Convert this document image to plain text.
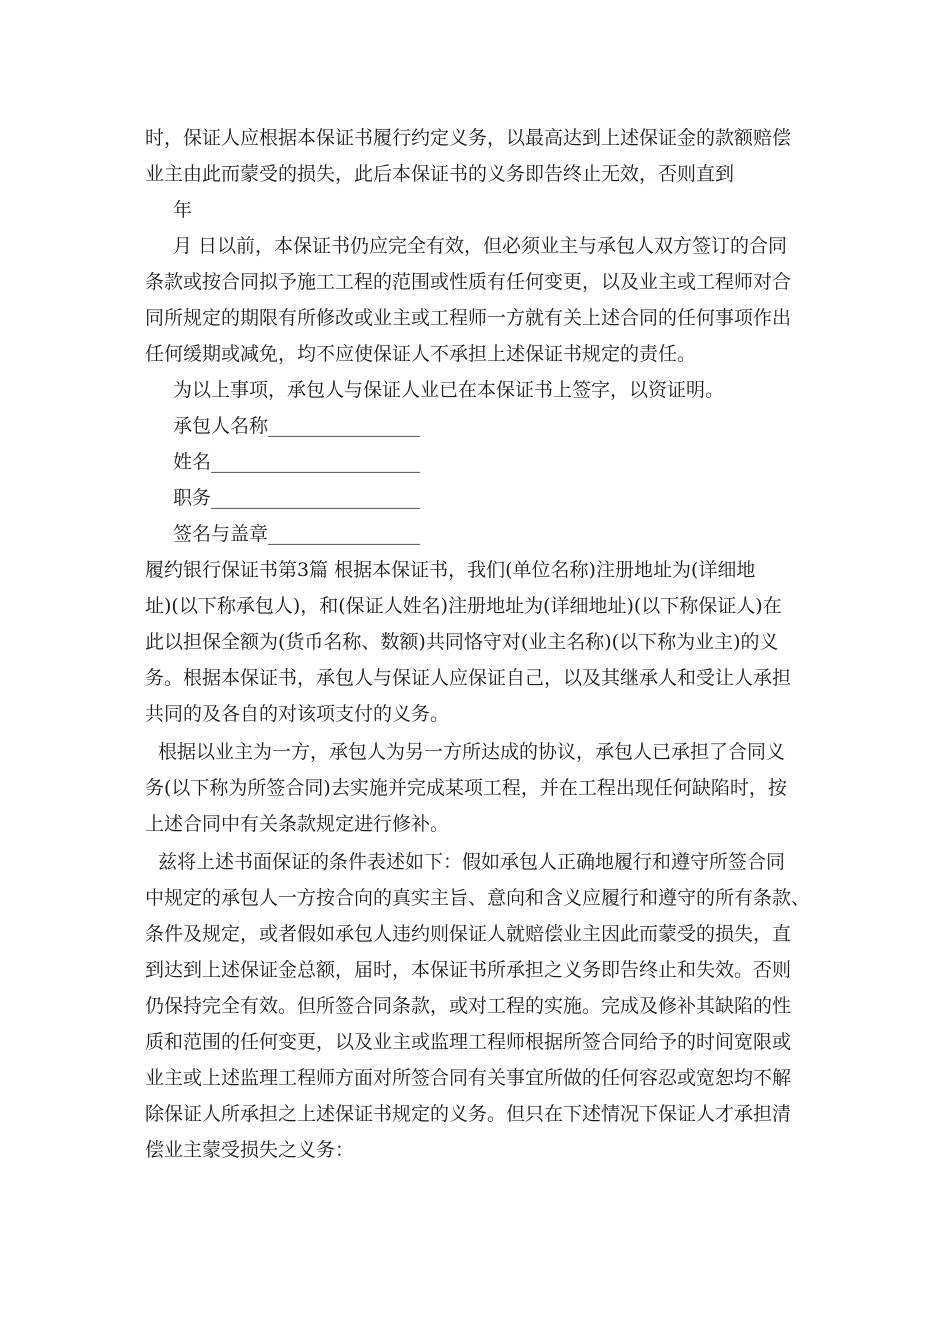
时，保证人应根据本保证书履行约定义务，以最高达到上述保证金的款额赔偿
业主由此而蒙受的损失，此后本保证书的义务即告终止无效，否则直到
年
月 日以前，本保证书仍应完全有效，但必须业主与承包人双方签订的合同
条款或按合同拟予施工工程的范围或性质有任何变更，以及业主或工程师对合
同所规定的期限有所修改或业主或工程师一方就有关上述合同的任何事项作出
任何缓期或减免，均不应使保证人不承担上述保证书规定的责任。
为以上事项，承包人与保证人业已在本保证书上签字，以资证明。
承包人名称________________
姓名______________________
职务______________________
签名与盖章________________
履约银行保证书第3篇 根据本保证书，我们(单位名称)注册地址为(详细地
址)(以下称承包人)，和(保证人姓名)注册地址为(详细地址)(以下称保证人)在
此以担保全额为(货币名称、数额)共同恪守对(业主名称)(以下称为业主)的义
务。根据本保证书，承包人与保证人应保证自己，以及其继承人和受让人承担
共同的及各自的对该项支付的义务。
根据以业主为一方，承包人为另一方所达成的协议，承包人已承担了合同义
务(以下称为所签合同)去实施并完成某项工程，并在工程出现任何缺陷时，按
上述合同中有关条款规定进行修补。
兹将上述书面保证的条件表述如下：假如承包人正确地履行和遵守所签合同
中规定的承包人一方按合向的真实主旨、意向和含义应履行和遵守的所有条款、
条件及规定，或者假如承包人违约则保证人就赔偿业主因此而蒙受的损失，直
到达到上述保证金总额，届时，本保证书所承担之义务即告终止和失效。否则
仍保持完全有效。但所签合同条款，或对工程的实施。完成及修补其缺陷的性
质和范围的任何变更，以及业主或监理工程师根据所签合同给予的时间宽限或
业主或上述监理工程师方面对所签合同有关事宜所做的任何容忍或宽恕均不解
除保证人所承担之上述保证书规定的义务。但只在下述情况下保证人才承担清
偿业主蒙受损失之义务：
